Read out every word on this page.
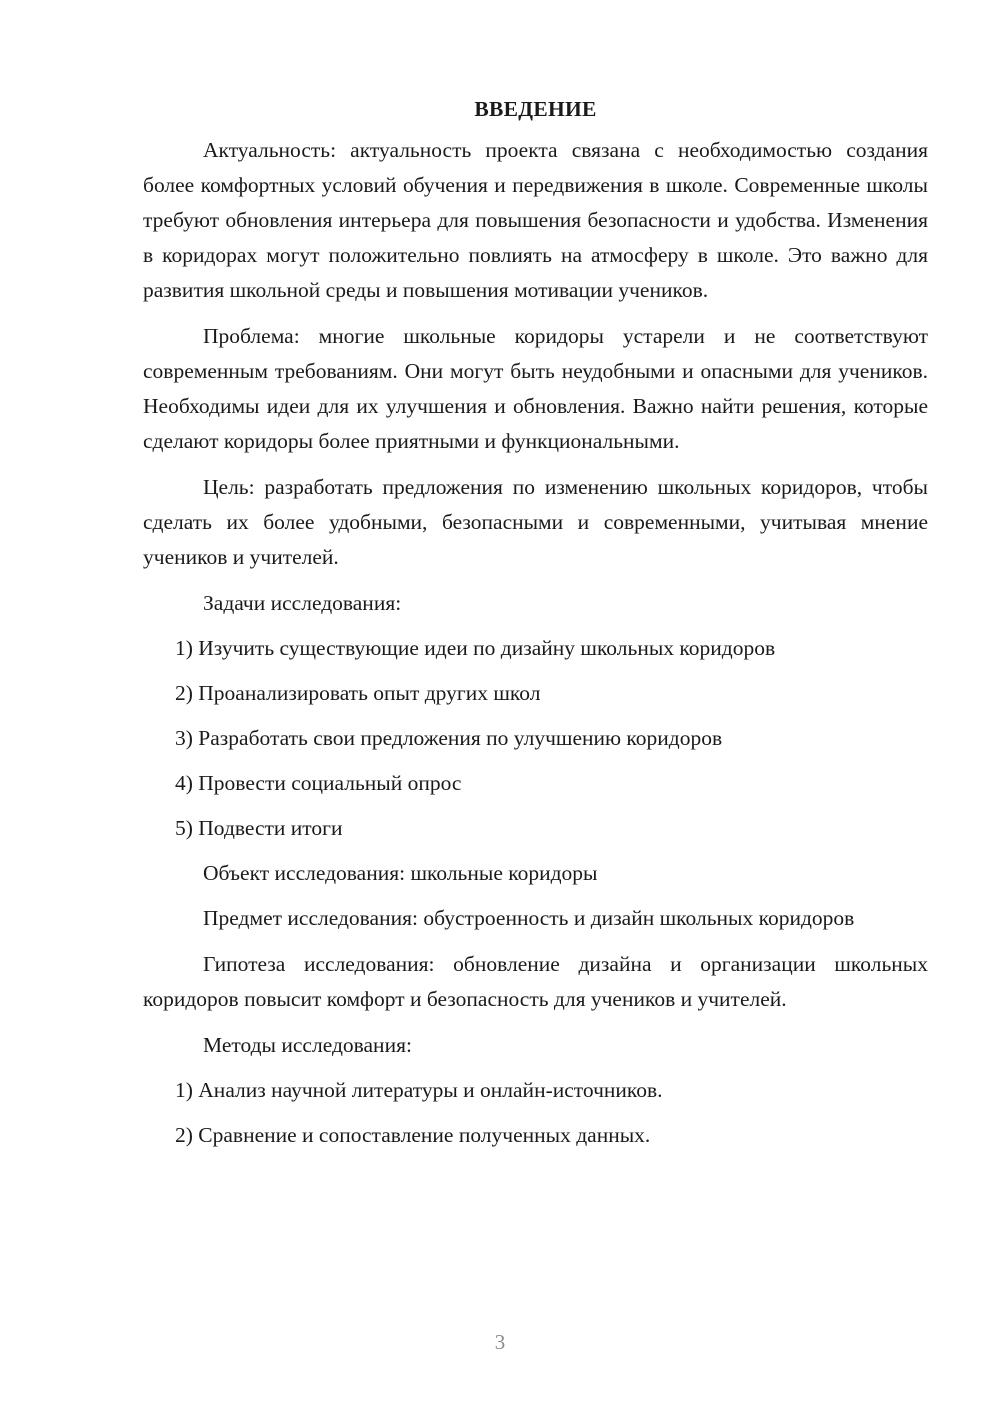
ВВЕДЕНИЕ

Актуальность: актуальность проекта связана с необходимостью создания более комфортных условий обучения и передвижения в школе. Современные школы требуют обновления интерьера для повышения безопасности и удобства. Изменения в коридорах могут положительно повлиять на атмосферу в школе. Это важно для развития школьной среды и повышения мотивации учеников.

Проблема: многие школьные коридоры устарели и не соответствуют современным требованиям. Они могут быть неудобными и опасными для учеников. Необходимы идеи для их улучшения и обновления. Важно найти решения, которые сделают коридоры более приятными и функциональными.

Цель: разработать предложения по изменению школьных коридоров, чтобы сделать их более удобными, безопасными и современными, учитывая мнение учеников и учителей.

Задачи исследования:

1) Изучить существующие идеи по дизайну школьных коридоров

2) Проанализировать опыт других школ

3) Разработать свои предложения по улучшению коридоров

4) Провести социальный опрос

5) Подвести итоги

Объект исследования: школьные коридоры

Предмет исследования: обустроенность и дизайн школьных коридоров

Гипотеза исследования: обновление дизайна и организации школьных коридоров повысит комфорт и безопасность для учеников и учителей.

Методы исследования:

1) Анализ научной литературы и онлайн-источников.

2) Сравнение и сопоставление полученных данных.

3
